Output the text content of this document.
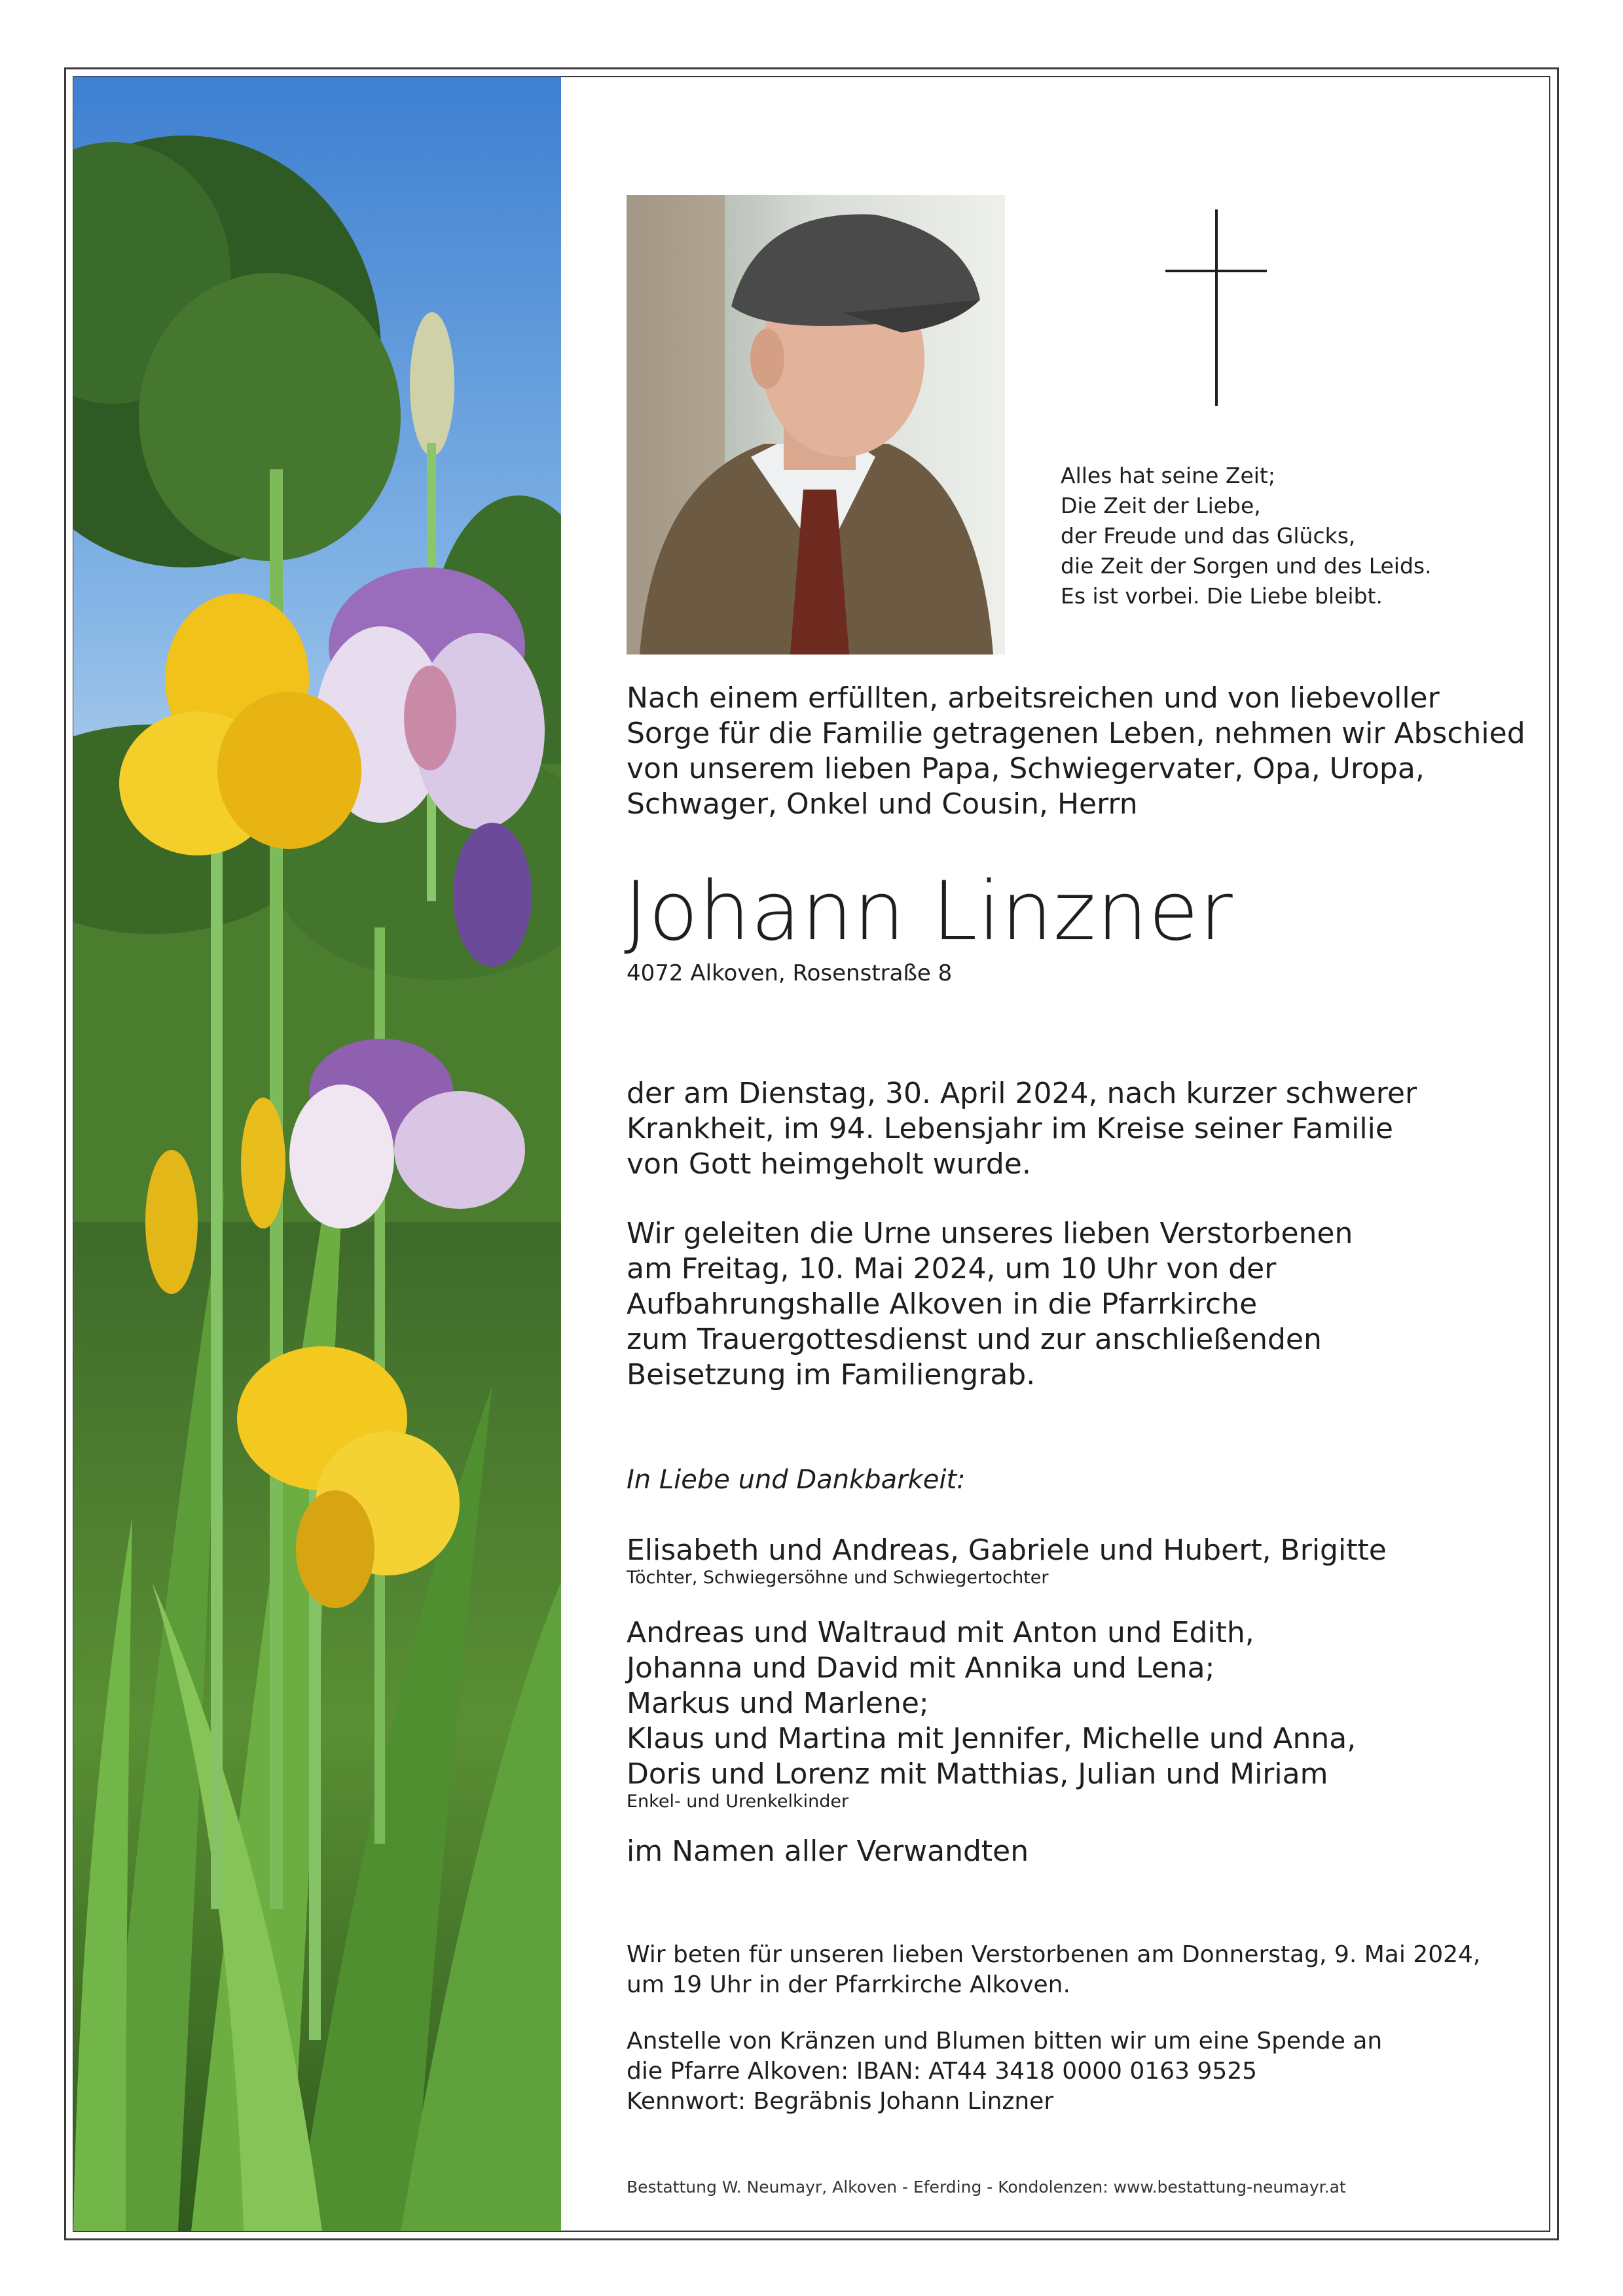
Alles hat seine Zeit;
Die Zeit der Liebe,
der Freude und das Glücks,
die Zeit der Sorgen und des Leids.
Es ist vorbei. Die Liebe bleibt.
Nach einem erfüllten, arbeitsreichen und von liebevoller
Sorge für die Familie getragenen Leben, nehmen wir Abschied
von unserem lieben Papa, Schwiegervater, Opa, Uropa,
Schwager, Onkel und Cousin, Herrn
Johann Linzner
4072 Alkoven, Rosenstraße 8
der am Dienstag, 30. April 2024, nach kurzer schwerer
Krankheit, im 94. Lebensjahr im Kreise seiner Familie
von Gott heimgeholt wurde.
Wir geleiten die Urne unseres lieben Verstorbenen
am Freitag, 10. Mai 2024, um 10 Uhr von der
Aufbahrungshalle Alkoven in die Pfarrkirche
zum Trauergottesdienst und zur anschließenden
Beisetzung im Familiengrab.
In Liebe und Dankbarkeit:
Elisabeth und Andreas, Gabriele und Hubert, Brigitte
Töchter, Schwiegersöhne und Schwiegertochter
Andreas und Waltraud mit Anton und Edith,
Johanna und David mit Annika und Lena;
Markus und Marlene;
Klaus und Martina mit Jennifer, Michelle und Anna,
Doris und Lorenz mit Matthias, Julian und Miriam
Enkel- und Urenkelkinder
im Namen aller Verwandten
Wir beten für unseren lieben Verstorbenen am Donnerstag, 9. Mai 2024,
um 19 Uhr in der Pfarrkirche Alkoven.
Anstelle von Kränzen und Blumen bitten wir um eine Spende an
die Pfarre Alkoven: IBAN: AT44 3418 0000 0163 9525
Kennwort: Begräbnis Johann Linzner
Bestattung W. Neumayr, Alkoven - Eferding - Kondolenzen: www.bestattung-neumayr.at
